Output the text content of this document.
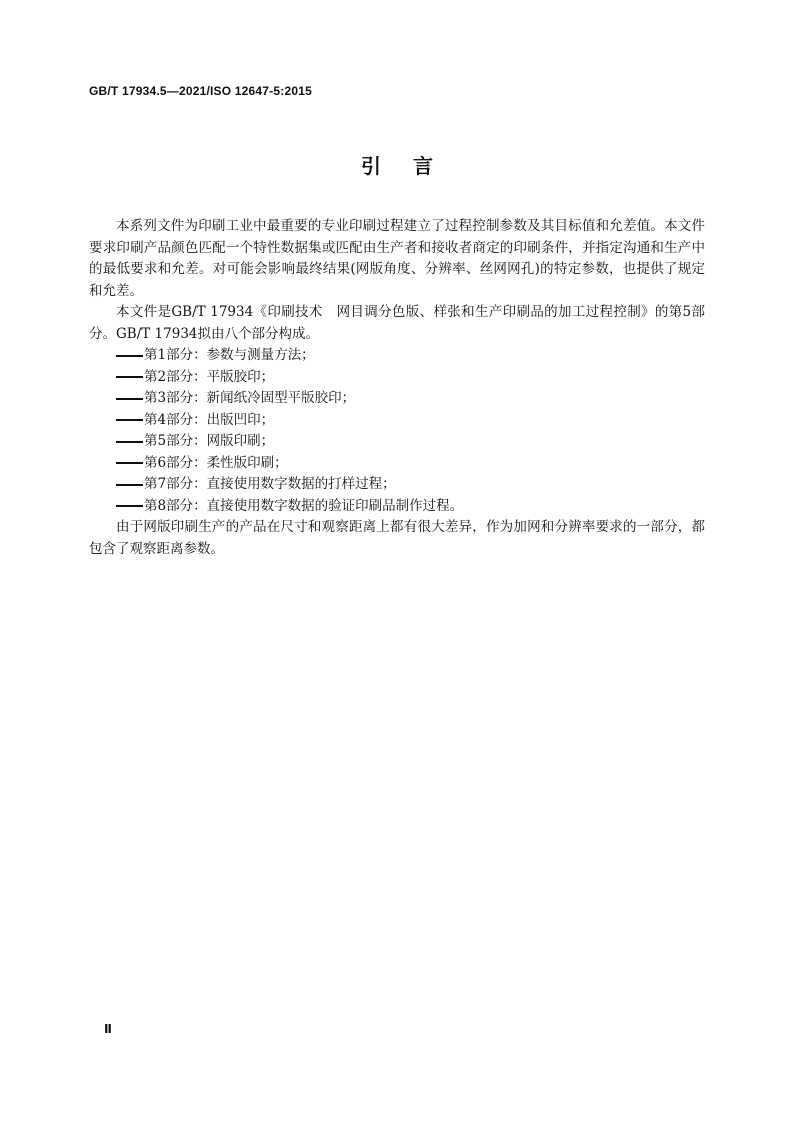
GB/T 17934.5—2021/ISO 12647-5:2015
引言

本系列文件为印刷工业中最重要的专业印刷过程建立了过程控制参数及其目标值和允差值。本文件要求印刷产品颜色匹配一个特性数据集或匹配由生产者和接收者商定的印刷条件，并指定沟通和生产中的最低要求和允差。对可能会影响最终结果(网版角度、分辨率、丝网网孔)的特定参数，也提供了规定和允差。

本文件是GB/T 17934《印刷技术　网目调分色版、样张和生产印刷品的加工过程控制》的第5部分。GB/T 17934拟由八个部分构成。

第1部分：参数与测量方法；
第2部分：平版胶印；
第3部分：新闻纸冷固型平版胶印；
第4部分：出版凹印；
第5部分：网版印刷；
第6部分：柔性版印刷；
第7部分：直接使用数字数据的打样过程；
第8部分：直接使用数字数据的验证印刷品制作过程。

由于网版印刷生产的产品在尺寸和观察距离上都有很大差异，作为加网和分辨率要求的一部分，都包含了观察距离参数。

Ⅱ
